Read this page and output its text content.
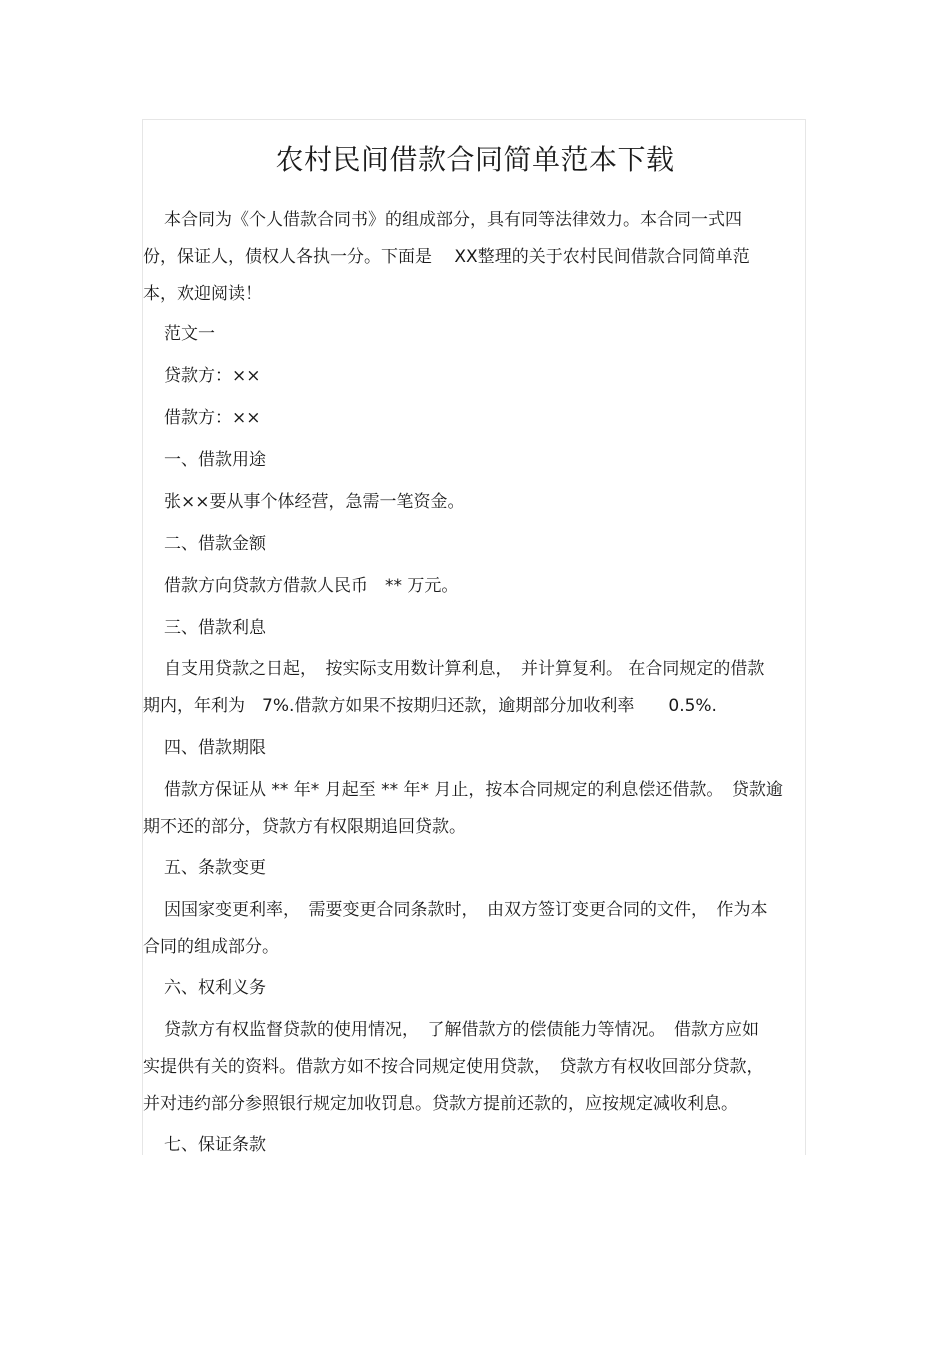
农村民间借款合同简单范本下载
本合同为《个人借款合同书》的组成部分，具有同等法律效力。本合同一式四
份，保证人，债权人各执一分。下面是　 XX整理的关于农村民间借款合同简单范
本，欢迎阅读！
范文一
贷款方：××
借款方：××
一、借款用途
张××要从事个体经营，急需一笔资金。
二、借款金额
借款方向贷款方借款人民币　** 万元。
三、借款利息
自支用贷款之日起，　按实际支用数计算利息，　并计算复利。 在合同规定的借款
期内，年利为　7%.借款方如果不按期归还款，逾期部分加收利率　　0.5%.
四、借款期限
借款方保证从 ** 年* 月起至 ** 年* 月止，按本合同规定的利息偿还借款。　贷款逾
期不还的部分，贷款方有权限期追回贷款。
五、条款变更
因国家变更利率，　需要变更合同条款时，　由双方签订变更合同的文件，　作为本
合同的组成部分。
六、权利义务
贷款方有权监督贷款的使用情况，　了解借款方的偿债能力等情况。　借款方应如
实提供有关的资料。借款方如不按合同规定使用贷款，　贷款方有权收回部分贷款，
并对违约部分参照银行规定加收罚息。贷款方提前还款的，应按规定减收利息。
七、保证条款
